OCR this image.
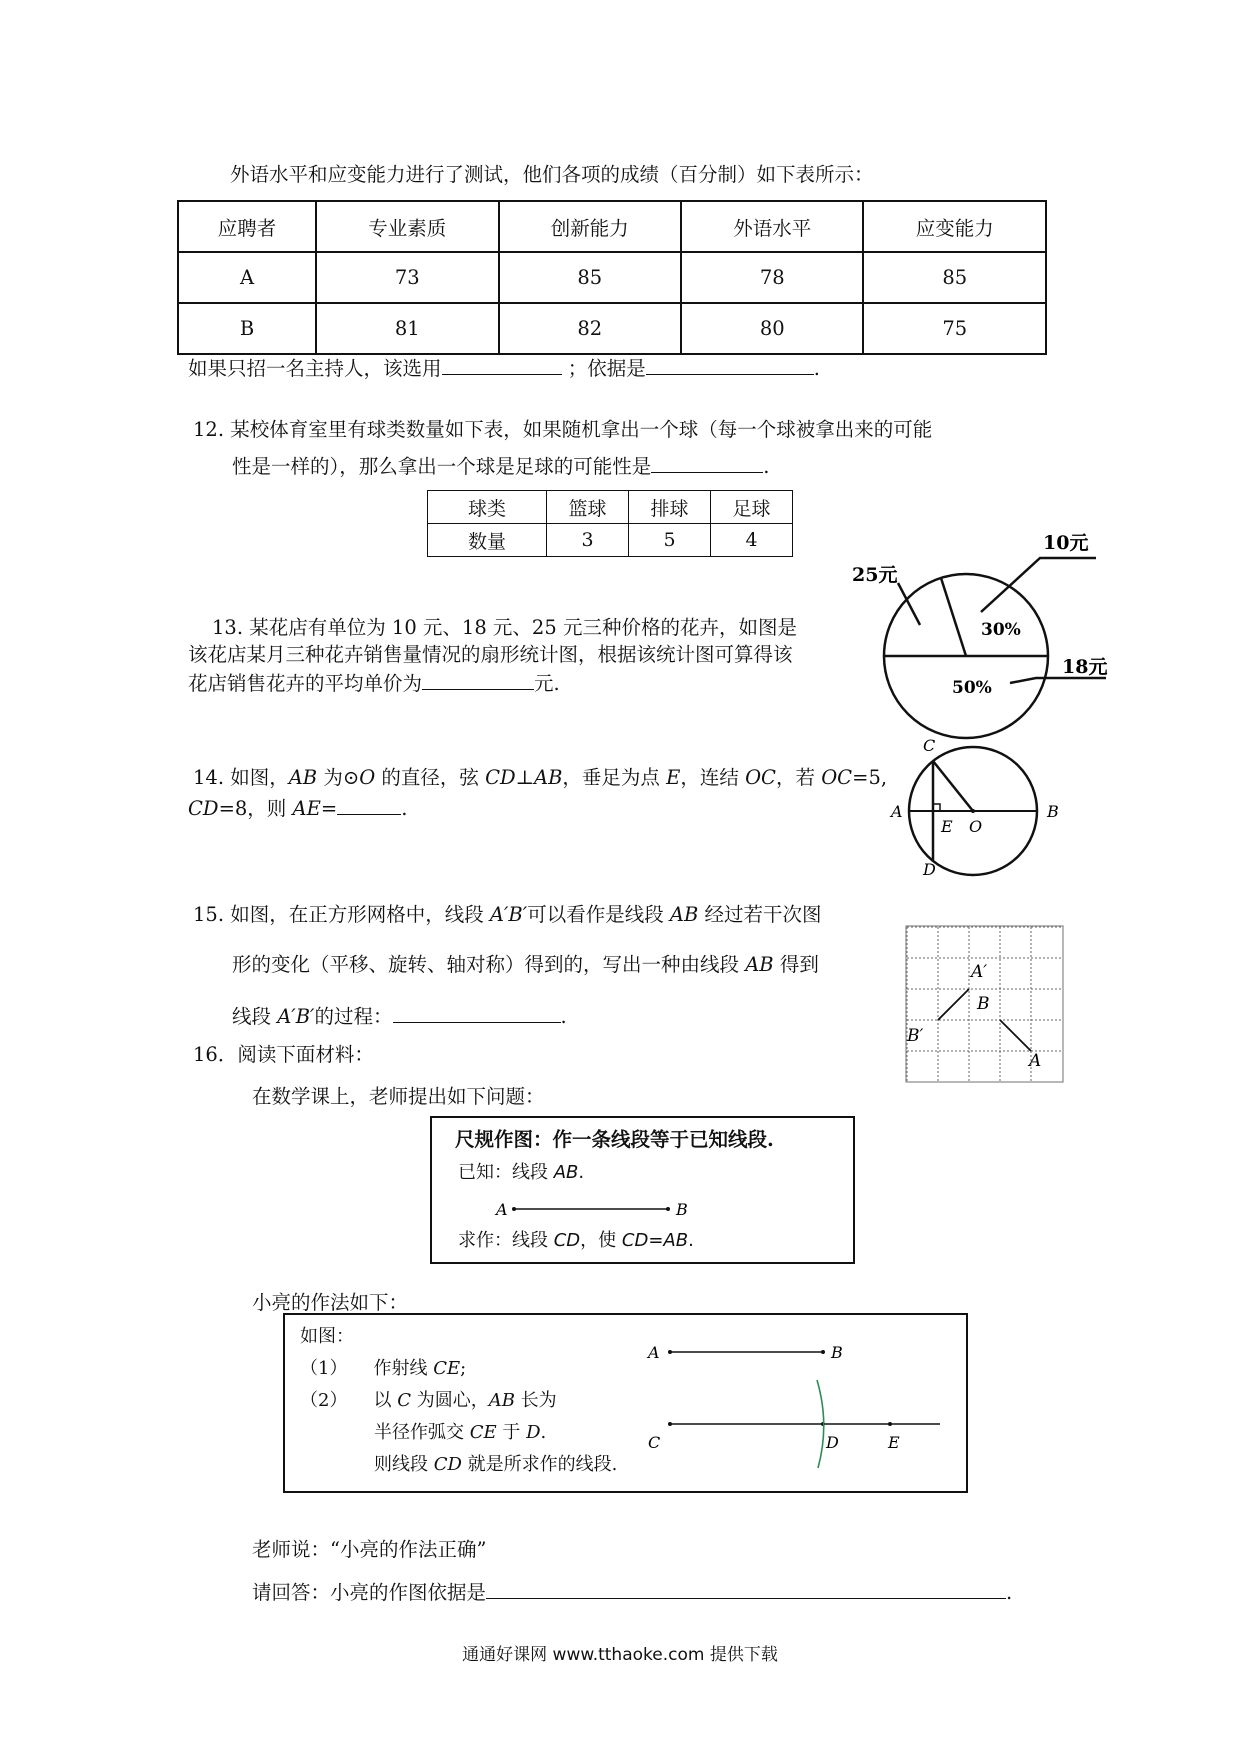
外语水平和应变能力进行了测试，他们各项的成绩（百分制）如下表所示：
应聘者	专业素质	创新能力	外语水平	应变能力
A	73	85	78	85
B	81	82	80	75
如果只招一名主持人，该选用	；依据是	.
12. 某校体育室里有球类数量如下表，如果随机拿出一个球（每一个球被拿出来的可能
性是一样的），那么拿出一个球是足球的可能性是	.
球类	篮球	排球	足球
数量	3	5	4
13. 某花店有单位为 10 元、18 元、25 元三种价格的花卉，如图是
该花店某月三种花卉销售量情况的扇形统计图，根据该统计图可算得该
花店销售花卉的平均单价为	元.
10元
18元
25元
30%
50%
14. 如图，AB 为⊙O 的直径，弦 CD⊥AB，垂足为点 E，连结 OC，若 OC=5,
CD=8，则 AE=	.
C
A	B
E O
D
15. 如图，在正方形网格中，线段 A′B′可以看作是线段 AB 经过若干次图
形的变化（平移、旋转、轴对称）得到的，写出一种由线段 AB 得到
线段 A′B′的过程：	.
A′
B
B′
A
16．阅读下面材料：
在数学课上，老师提出如下问题：
尺规作图：作一条线段等于已知线段.
已知：线段 AB.
A	B
求作：线段 CD，使 CD=AB.
小亮的作法如下：
如图：
（1） 作射线 CE;
（2） 以 C 为圆心，AB 长为
半径作弧交 CE 于 D.
则线段 CD 就是所求作的线段.
A	B
C	D	E
老师说：“小亮的作法正确”
请回答：小亮的作图依据是	.
通通好课网 www.tthaoke.com 提供下载
